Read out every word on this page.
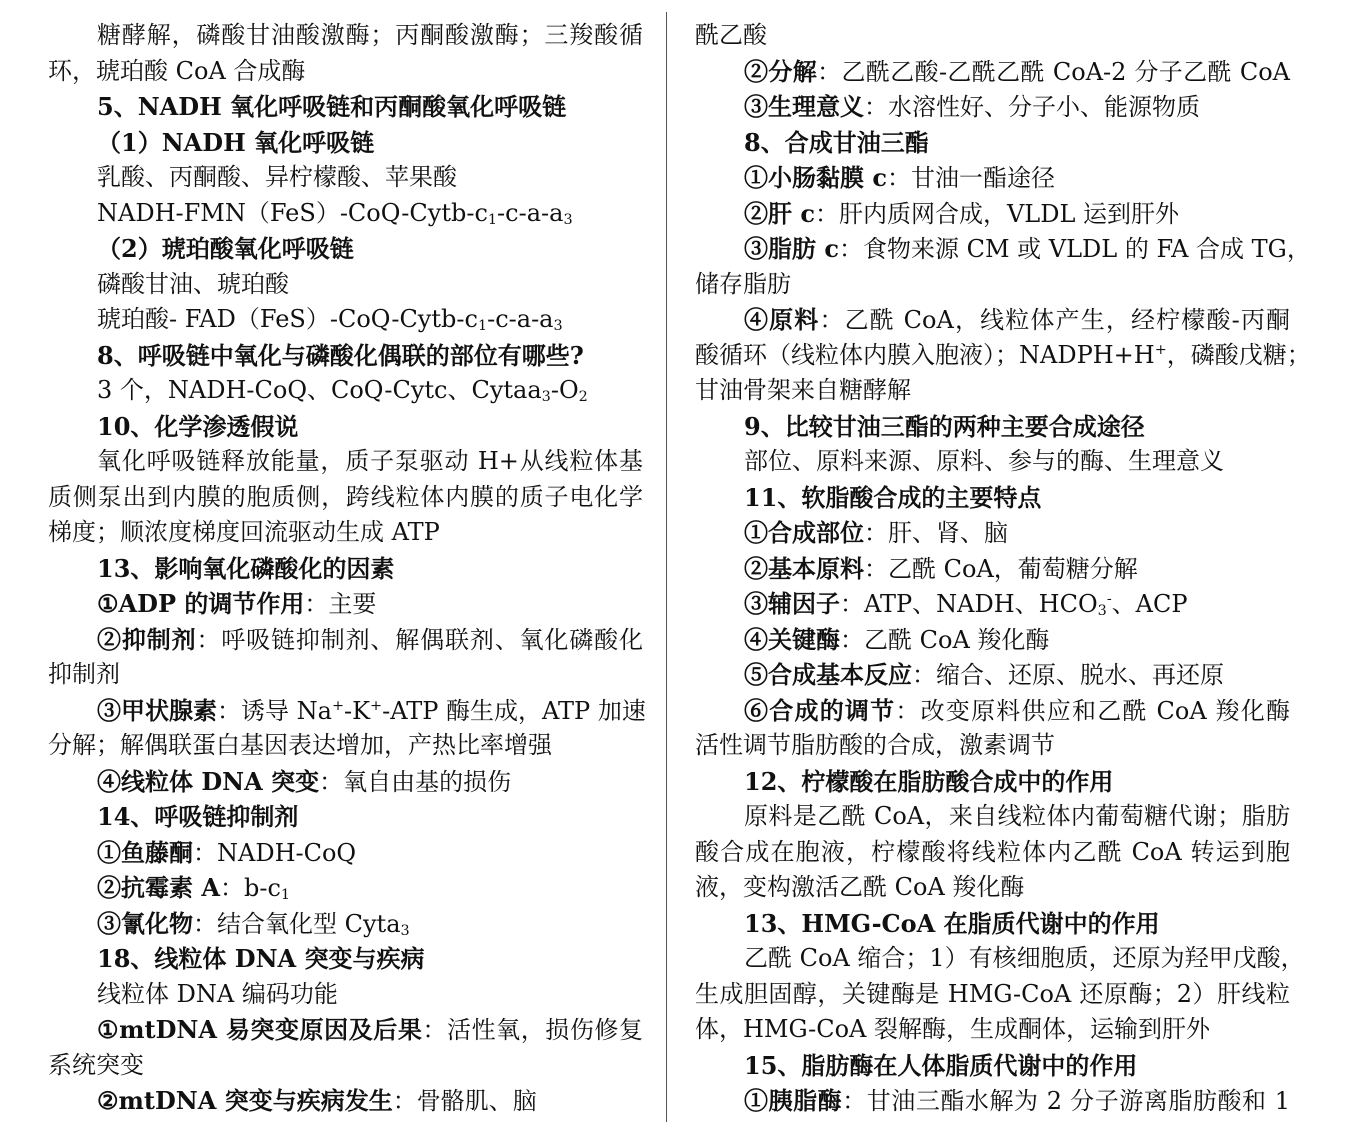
糖酵解，磷酸甘油酸激酶；丙酮酸激酶；三羧酸循
环，琥珀酸 CoA 合成酶
5、NADH 氧化呼吸链和丙酮酸氧化呼吸链
（1）NADH 氧化呼吸链
乳酸、丙酮酸、异柠檬酸、苹果酸
NADH-$FMN(FeS)-CoQ-Cytb-c_1-c-a-a_3$
（2）琥珀酸氧化呼吸链
磷酸甘油、琥珀酸
琥珀酸- $FAD(FeS)-CoQ-Cytb-c_1-c-a-a_3$
8、呼吸链中氧化与磷酸化偶联的部位有哪些?
3 个，NADH-CoQ、CoQ-Cytc、$Cytaa_3-O_2$
10、化学渗透假说
氧化呼吸链释放能量，质子泵驱动 H+从线粒体基
质侧泵出到内膜的胞质侧，跨线粒体内膜的质子电化学
梯度；顺浓度梯度回流驱动生成 ATP
13、影响氧化磷酸化的因素
①ADP 的调节作用：主要
②抑制剂：呼吸链抑制剂、解偶联剂、氧化磷酸化
抑制剂
③甲状腺素：诱导 Na+-K+-ATP 酶生成，ATP 加速
分解；解偶联蛋白基因表达增加，产热比率增强
④线粒体 DNA 突变：氧自由基的损伤
14、呼吸链抑制剂
①鱼藤酮：NADH-CoQ
②抗霉素 A：$b-c_1$
③氰化物：结合氧化型 Cyta$_3$
18、线粒体 DNA 突变与疾病
线粒体 DNA 编码功能
①mtDNA 易突变原因及后果：活性氧，损伤修复
系统突变
②mtDNA 突变与疾病发生：骨骼肌、脑
酰乙酸
②分解：乙酰乙酸-乙酰乙酰 CoA-2 分子乙酰 CoA
③生理意义：水溶性好、分子小、能源物质
8、合成甘油三酯
①小肠黏膜 c：甘油一酯途径
②肝 c：肝内质网合成，VLDL 运到肝外
③脂肪 c：食物来源 CM 或 VLDL 的 FA 合成 TG，
储存脂肪
④原料：乙酰 CoA，线粒体产生，经柠檬酸-丙酮
酸循环（线粒体内膜入胞液）；NADPH+H+，磷酸戊糖；
甘油骨架来自糖酵解
9、比较甘油三酯的两种主要合成途径
部位、原料来源、原料、参与的酶、生理意义
11、软脂酸合成的主要特点
①合成部位：肝、肾、脑
②基本原料：乙酰 CoA，葡萄糖分解
③辅因子：ATP、NADH、$HCO_3^-$、ACP
④关键酶：乙酰 CoA 羧化酶
⑤合成基本反应：缩合、还原、脱水、再还原
⑥合成的调节：改变原料供应和乙酰 CoA 羧化酶
活性调节脂肪酸的合成，激素调节
12、柠檬酸在脂肪酸合成中的作用
原料是乙酰 CoA，来自线粒体内葡萄糖代谢；脂肪
酸合成在胞液，柠檬酸将线粒体内乙酰 CoA 转运到胞
液，变构激活乙酰 CoA 羧化酶
13、HMG-CoA 在脂质代谢中的作用
乙酰 CoA 缩合；1）有核细胞质，还原为羟甲戊酸，
生成胆固醇，关键酶是 HMG-CoA 还原酶；2）肝线粒
体，HMG-CoA 裂解酶，生成酮体，运输到肝外
15、脂肪酶在人体脂质代谢中的作用
①胰脂酶：甘油三酯水解为 2 分子游离脂肪酸和 1
